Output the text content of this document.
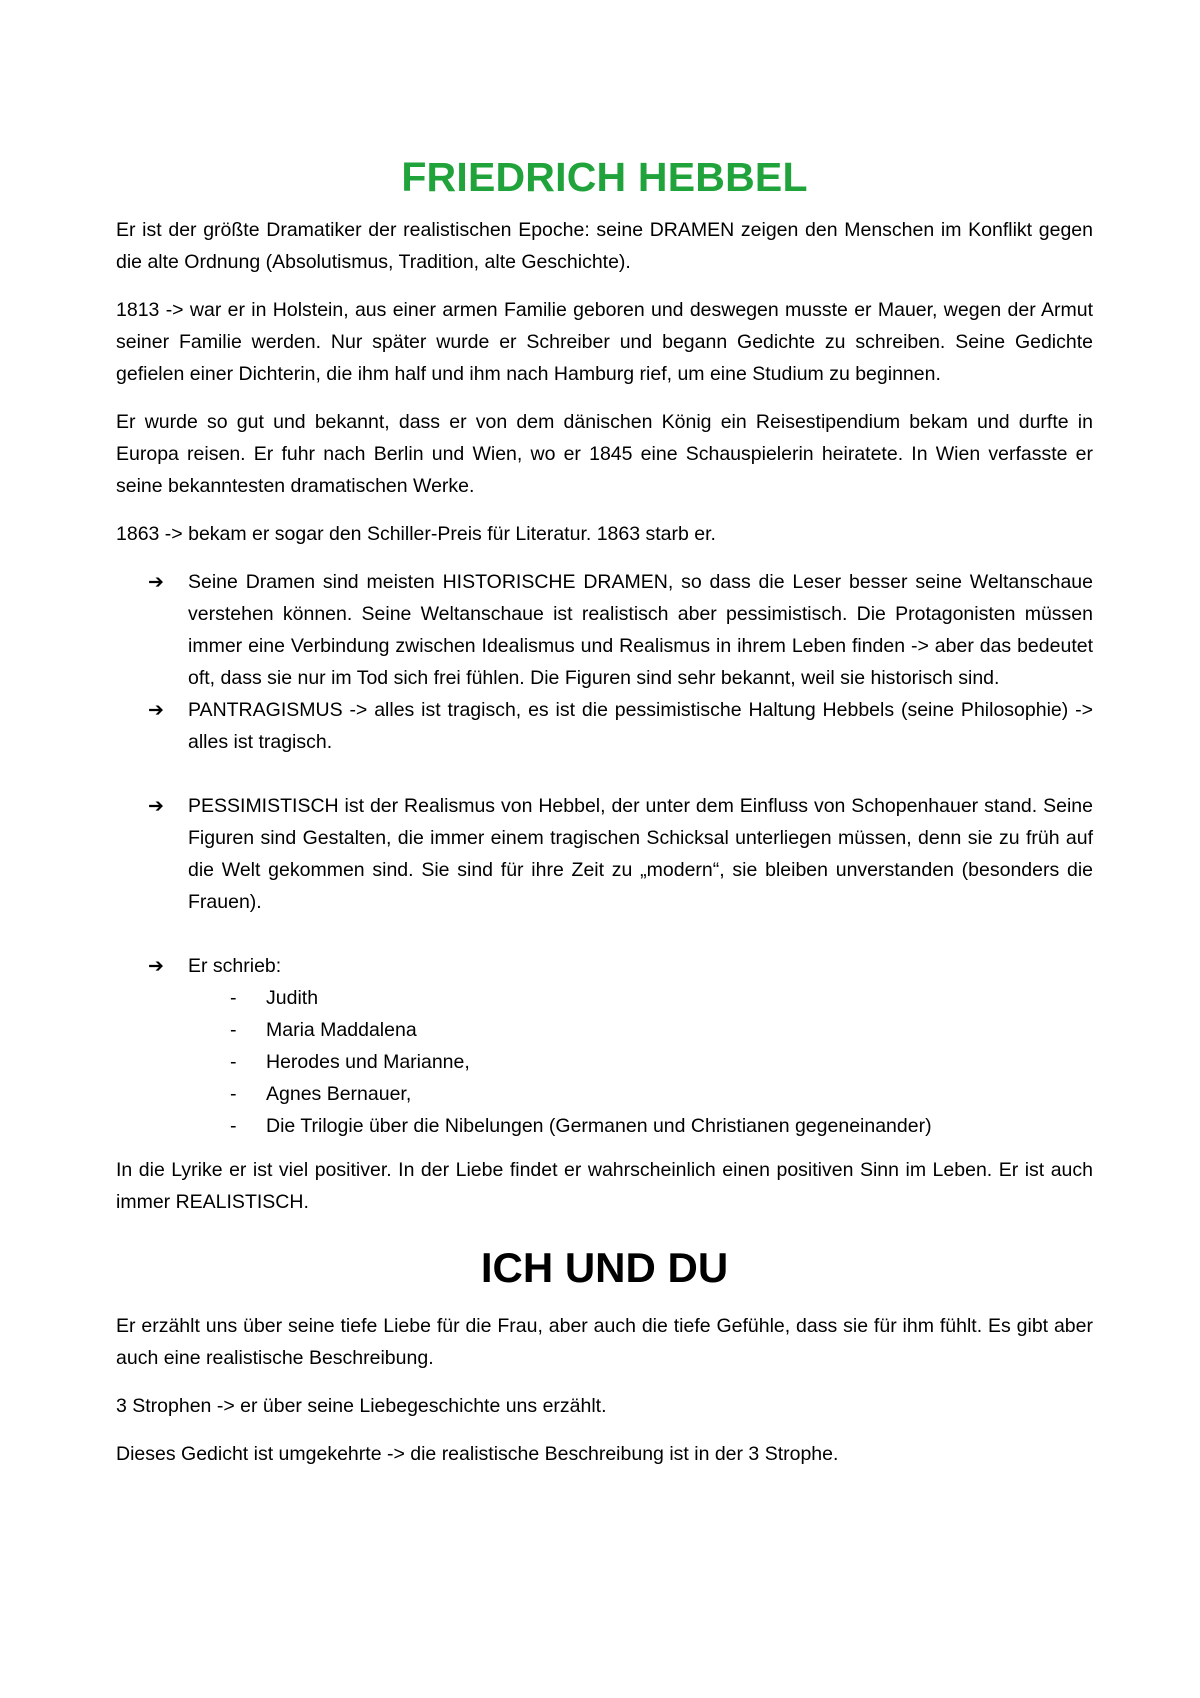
FRIEDRICH HEBBEL

Er ist der größte Dramatiker der realistischen Epoche: seine DRAMEN zeigen den Menschen im Konflikt gegen die alte Ordnung (Absolutismus, Tradition, alte Geschichte).

1813 -> war er in Holstein, aus einer armen Familie geboren und deswegen musste er Mauer, wegen der Armut seiner Familie werden. Nur später wurde er Schreiber und begann Gedichte zu schreiben. Seine Gedichte gefielen einer Dichterin, die ihm half und ihm nach Hamburg rief, um eine Studium zu beginnen.

Er wurde so gut und bekannt, dass er von dem dänischen König ein Reisestipendium bekam und durfte in Europa reisen. Er fuhr nach Berlin und Wien, wo er 1845 eine Schauspielerin heiratete. In Wien verfasste er seine bekanntesten dramatischen Werke.

1863 -> bekam er sogar den Schiller-Preis für Literatur. 1863 starb er.

➔ Seine Dramen sind meisten HISTORISCHE DRAMEN, so dass die Leser besser seine Weltanschaue verstehen können. Seine Weltanschaue ist realistisch aber pessimistisch. Die Protagonisten müssen immer eine Verbindung zwischen Idealismus und Realismus in ihrem Leben finden -> aber das bedeutet oft, dass sie nur im Tod sich frei fühlen. Die Figuren sind sehr bekannt, weil sie historisch sind.
➔ PANTRAGISMUS -> alles ist tragisch, es ist die pessimistische Haltung Hebbels (seine Philosophie) -> alles ist tragisch.
➔ PESSIMISTISCH ist der Realismus von Hebbel, der unter dem Einfluss von Schopenhauer stand. Seine Figuren sind Gestalten, die immer einem tragischen Schicksal unterliegen müssen, denn sie zu früh auf die Welt gekommen sind. Sie sind für ihre Zeit zu „modern“, sie bleiben unverstanden (besonders die Frauen).
➔ Er schrieb:
- Judith
- Maria Maddalena
- Herodes und Marianne,
- Agnes Bernauer,
- Die Trilogie über die Nibelungen (Germanen und Christianen gegeneinander)

In die Lyrike er ist viel positiver. In der Liebe findet er wahrscheinlich einen positiven Sinn im Leben. Er ist auch immer REALISTISCH.

ICH UND DU

Er erzählt uns über seine tiefe Liebe für die Frau, aber auch die tiefe Gefühle, dass sie für ihm fühlt. Es gibt aber auch eine realistische Beschreibung.

3 Strophen -> er über seine Liebegeschichte uns erzählt.

Dieses Gedicht ist umgekehrte -> die realistische Beschreibung ist in der 3 Strophe.
